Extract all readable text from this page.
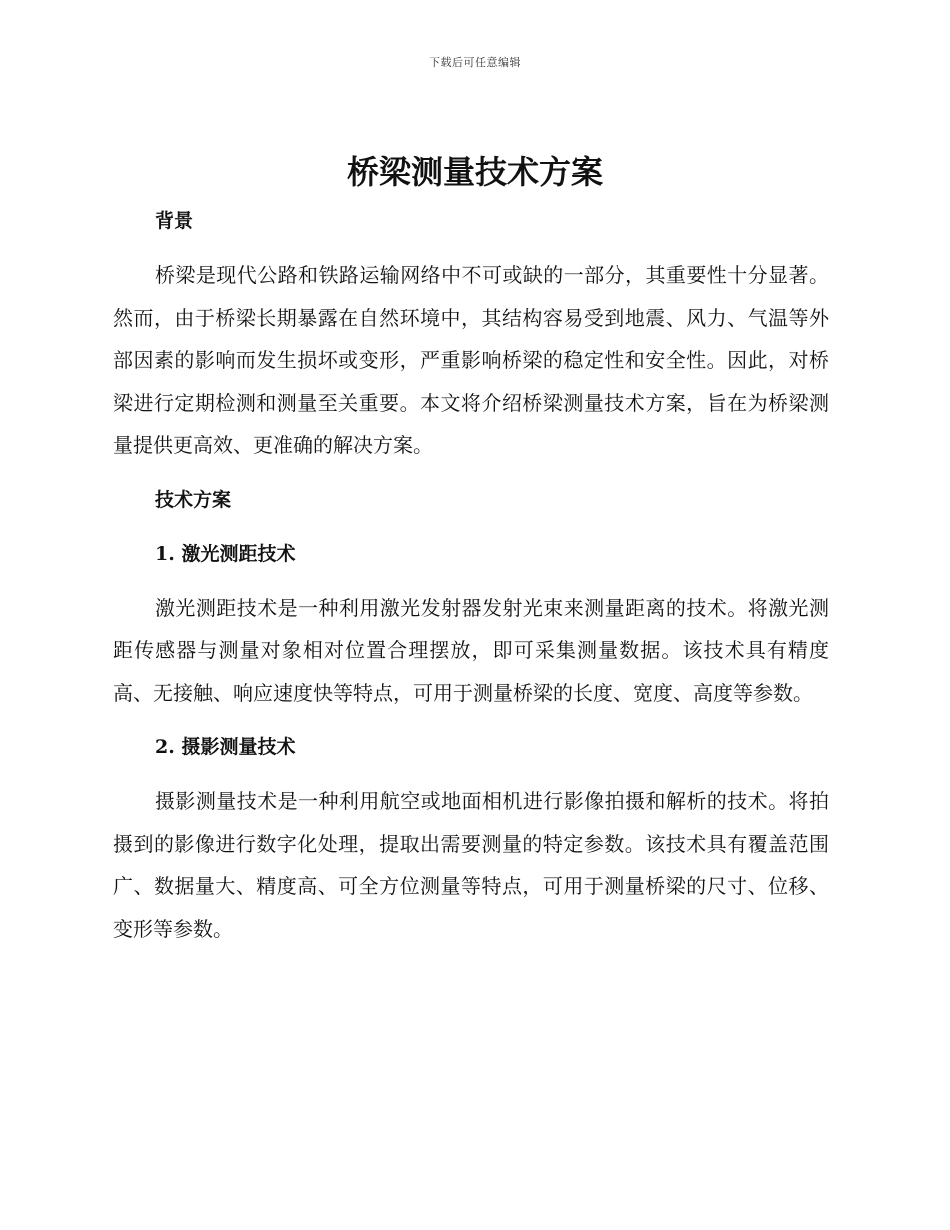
下载后可任意编辑
桥梁测量技术方案

背景

桥梁是现代公路和铁路运输网络中不可或缺的一部分，其重要性十分显著。然而，由于桥梁长期暴露在自然环境中，其结构容易受到地震、风力、气温等外部因素的影响而发生损坏或变形，严重影响桥梁的稳定性和安全性。因此，对桥梁进行定期检测和测量至关重要。本文将介绍桥梁测量技术方案，旨在为桥梁测量提供更高效、更准确的解决方案。

技术方案

1. 激光测距技术

激光测距技术是一种利用激光发射器发射光束来测量距离的技术。将激光测距传感器与测量对象相对位置合理摆放，即可采集测量数据。该技术具有精度高、无接触、响应速度快等特点，可用于测量桥梁的长度、宽度、高度等参数。

2. 摄影测量技术

摄影测量技术是一种利用航空或地面相机进行影像拍摄和解析的技术。将拍摄到的影像进行数字化处理，提取出需要测量的特定参数。该技术具有覆盖范围广、数据量大、精度高、可全方位测量等特点，可用于测量桥梁的尺寸、位移、变形等参数。
